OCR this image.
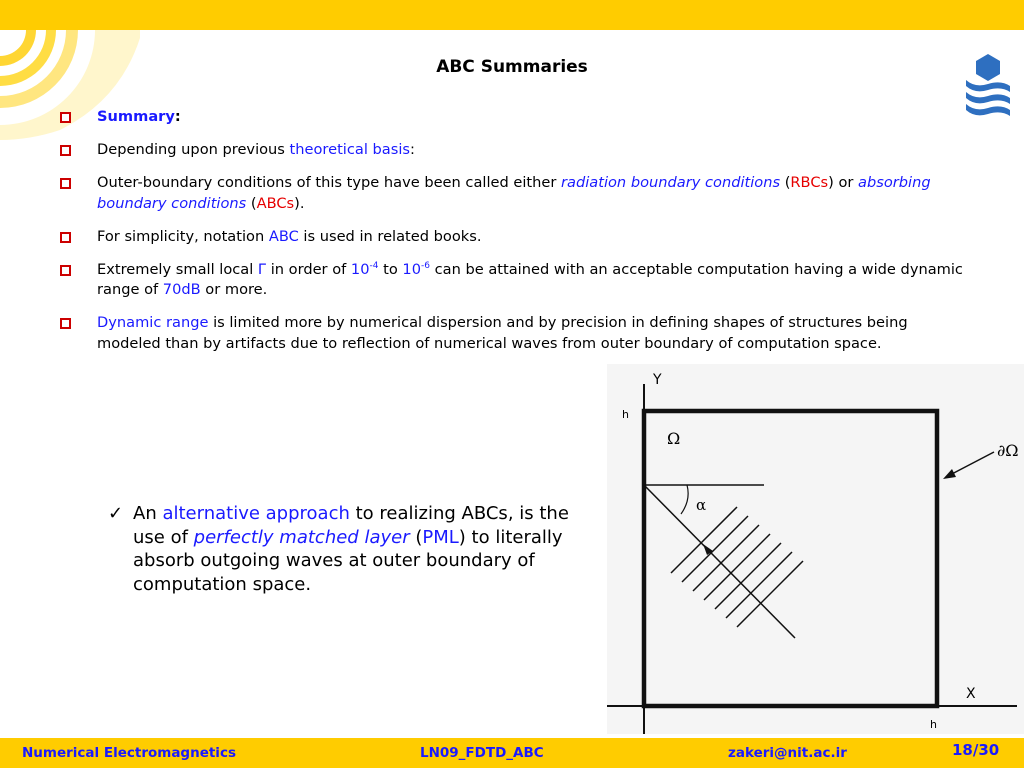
ABC Summaries
Summary:
Depending upon previous theoretical basis:
Outer-boundary conditions of this type have been called either radiation boundary conditions (RBCs) or absorbing boundary conditions (ABCs).
For simplicity, notation ABC is used in related books.
Extremely small local Γ in order of $10^{-4}$ to $10^{-6}$ can be attained with an acceptable computation having a wide dynamic range of 70dB or more.
Dynamic range is limited more by numerical dispersion and by precision in defining shapes of structures being modeled than by artifacts due to reflection of numerical waves from outer boundary of computation space.
✓ An alternative approach to realizing ABCs, is the use of perfectly matched layer (PML) to literally absorb outgoing waves at outer boundary of computation space.
Y
X
h
h
Ω
∂Ω
α
Numerical Electromagnetics	LN09_FDTD_ABC	zakeri@nit.ac.ir	18/30
